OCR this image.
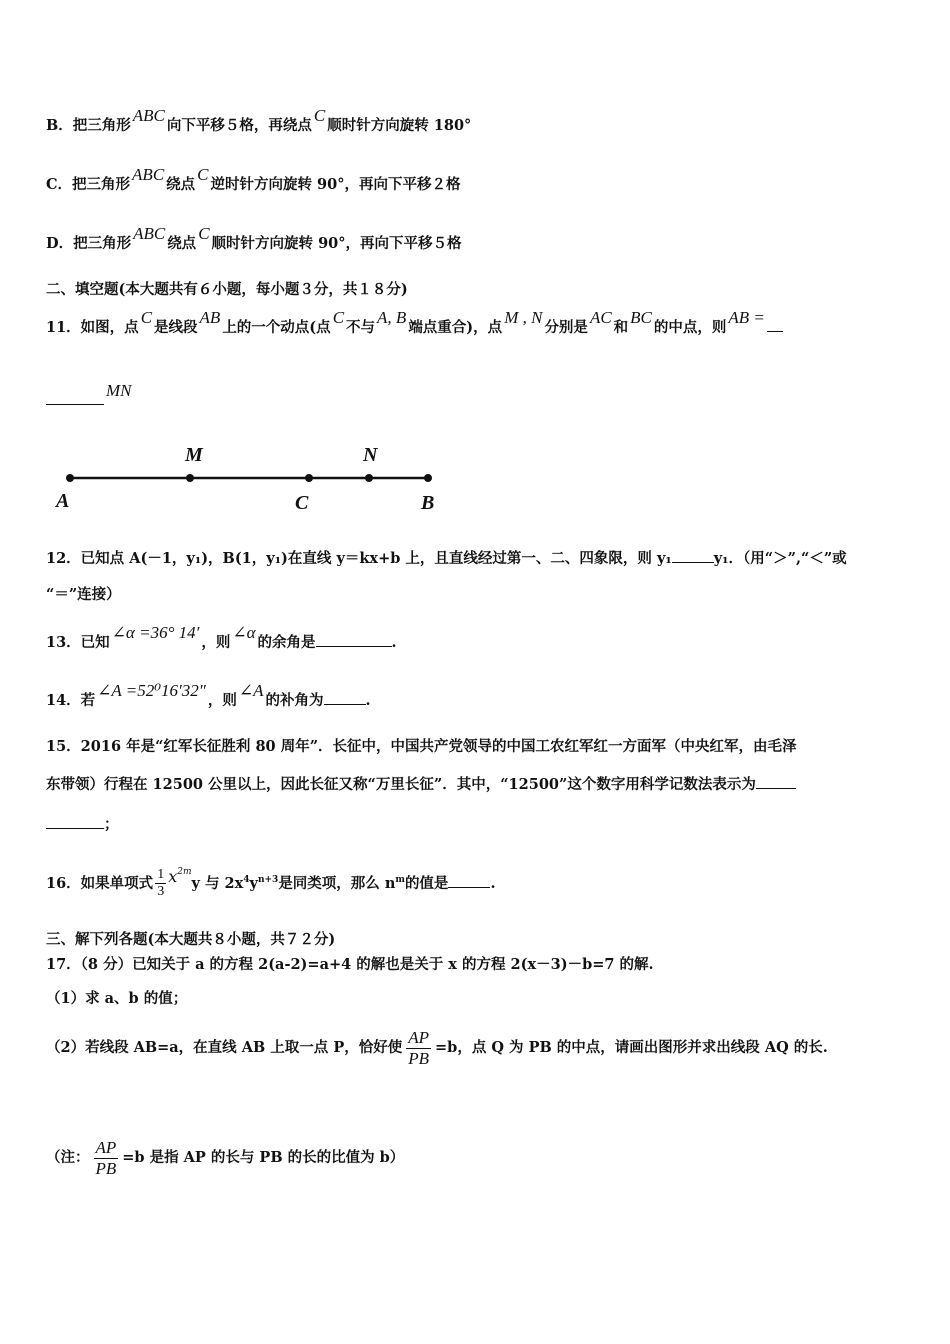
B．把三角形ABC向下平移５格，再绕点C顺时针方向旋转 180°
C．把三角形ABC绕点C逆时针方向旋转 90°，再向下平移２格
D．把三角形ABC绕点C顺时针方向旋转 90°，再向下平移５格
二、填空题(本大题共有６小题，每小题３分，共１８分)
11．如图，点C是线段AB上的一个动点(点C不与A, B端点重合)，点M , N分别是AC和BC的中点，则AB =
MN
A
M
C
N
B
12．已知点 A(－1，y₁)，B(1，y₁)在直线 y＝kx+b 上，且直线经过第一、二、四象限，则 y₁	y₁．（用“＞”,“＜”或
“＝”连接）
13．已知∠α =36° 14′，则∠α的余角是	.
14．若∠A =52⁰16′32″，则∠A的补角为	.
15．2016 年是“红军长征胜利 80 周年”．长征中，中国共产党领导的中国工农红军红一方面军（中央红军，由毛泽
东带领）行程在 12500 公里以上，因此长征又称“万里长征”．其中，“12500”这个数字用科学记数法表示为
；
16．如果单项式 $\frac{1}{3} x^{2m}y$ 与 $2x^4y^{n+3}$是同类项，那么 $n^m$的值是	.
三、解下列各题(本大题共８小题，共７２分)
17．（8 分）已知关于 a 的方程 2(a-2)=a+4 的解也是关于 x 的方程 2(x－3)－b=7 的解.
（1）求 a、b 的值；
（2）若线段 AB=a，在直线 AB 上取一点 P，恰好使 $\frac{AP}{PB} =b$，点 Q 为 PB 的中点，请画出图形并求出线段 AQ 的长.
（注： $\frac{AP}{PB} =b$ 是指 AP 的长与 PB 的长的比值为 b）
